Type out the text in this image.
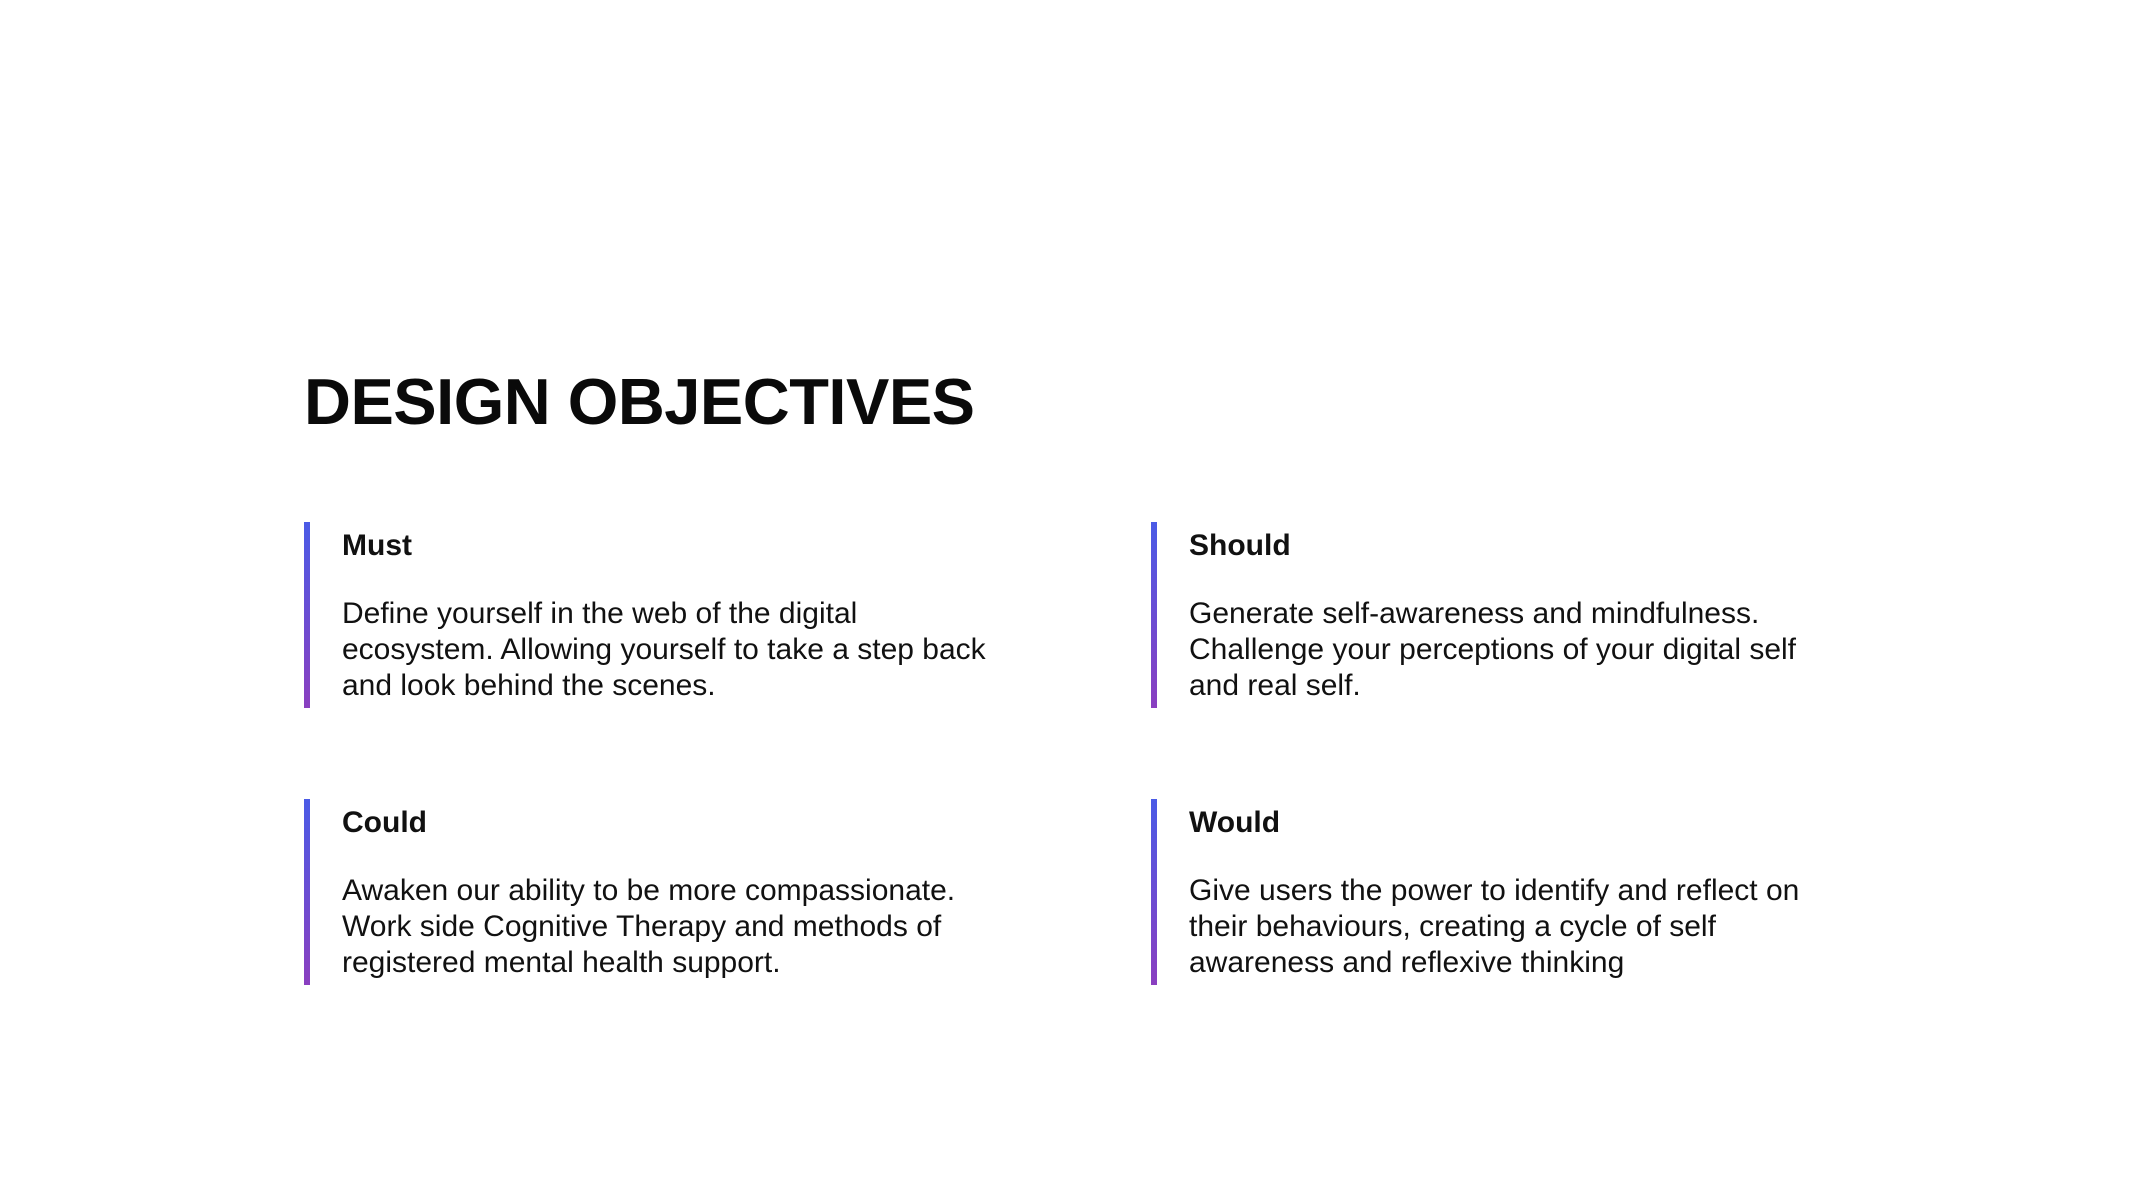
DESIGN OBJECTIVES
Must

Define yourself in the web of the digital
ecosystem. Allowing yourself to take a step back
and look behind the scenes.

Should

Generate self-awareness and mindfulness.
Challenge your perceptions of your digital self
and real self.

Could

Awaken our ability to be more compassionate.
Work side Cognitive Therapy and methods of
registered mental health support.

Would

Give users the power to identify and reflect on
their behaviours, creating a cycle of self
awareness and reflexive thinking
